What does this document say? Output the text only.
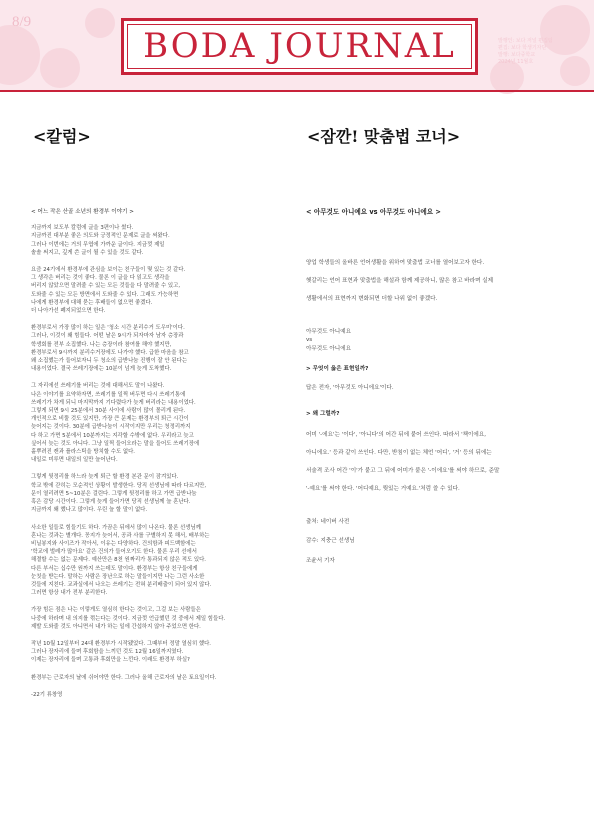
8/9
BODA JOURNAL	발행인: 보다 저널 편집팀
편집: 보다 학생기자단
발행: 보다중학교
2024년 11월호
<칼럼>	<잠깐! 맞춤법 코너>
< 어느 작은 산골 소년의 환경부 이야기 >
지금까지 보도부 칼럼에 글을 3편이나 썼다.
지금까진 대부분 좋은 의도와 긍정적인 문제로 글을 써왔다.
그러나 이번에는 거의 무엽에 가까운 글이다. 지금껏 제일
솔솔 써지고, 깊게 쓴 글이 될 수 있을 것도 같다.
요즘 24기에서 환경부에 관심을 보이는 친구들이 몇 있는 것 같다.
그 생각은 버리는 것이 좋다. 물론 이 글을 다 읽고도 생각을
버리지 않았으면 말려줄 수 있는 모든 것들을 다 말려줄 수 있고,
도와줄 수 있는 모든 방면에서 도와줄 수 있다. 그래도 가능하면
나에게 환경부에 대해 묻는 후배들이 없으면 좋겠다.
더 나아가선 폐지되었으면 한다.
환경부로서 가장 많이 하는 일은 '청소 시간 분리수거 도우미'이다.
그러나, 이것이 왜 힘들다. 어떤 날은 9시가 되자마자 남자 층장과
학생회를 전부 소집했다. 나는 층장이라 참여를 해야 했지만,
환경부로서 9시까지 분리수거장에도 나가야 했다. 급한 마음을 참고
왜 소집했는가 들어보자니 두 청소의 급받나눔 진행이 잘 안 된다는
내용이었다. 결국 쓰레기장에는 10분이 넘게 늦게 도착했다.
그 자리에선 쓰레기를 버리는 것에 대해서도 말이 나왔다.
나은 이야기를 요약하자면, 쓰레기를 일찍 버두면 다시 쓰레기통에
쓰레기가 차게 되니 마지막까지 기다렸다가 늦게 버리라는 내용이었다.
그렇게 되면 9시 25분에서 30분 사이에 사람이 많이 몰리게 된다.
개인적으로 비뚤 것도 있지만, 가장 큰 문제는 환경부의 퇴근 시간이
늦어지는 것이다. 30분에 급받나눔이 시작이지만 우리는 청정리까지
다 하고 가면 5분에서 10분까지는 지각할 수밖에 없다. 우리라고 늦고
싶어서 늦는 것도 아니다. 그냥 일찍 들어오라는 말을 들어도 쓰레기장에
흩뿌려진 캔과 플라스틱을 방치할 수도 없다.
내일로 미루면 내일의 일만 늘어난다.
그렇게 뒷정리를 하느라 늦게 퇴근 할 환경 본관 문이 잠겨있다.
학교 밖에 갇히는 모순적인 상황이 발생한다. 당직 선생님에 따라 다르지만,
문이 열리려면 5~10분은 걸린다. 그렇게 뒷정리를 하고 가면 급받나눔
혹은 감당 시간이다. 그렇게 늦게 들어가면 당직 선생님께 늘 혼난다.
지금까지 왜 했나고 많이다. 우린 늘 할 말이 없다.
사소한 일들로 힘들기도 하다. 가끔은 뒤에서 많이 나온다. 물론 선생님께
혼나는 것과는 별개다. 꽁지가 늦어서, 공과 사를 구별하지 못 해서, 배부하는
비닐봉지와 사이즈가 작아서, 이유는 다양하다. 건의함과 피드백함에는
'학교에 벌레가 많아요' 같은 건의가 들어오기도 한다. 물론 우리 선에서
해결할 수는 없는 문제다. 예산만은 8천 원짜리가 통과되지 않은 적도 있다.
다른 부서는 십수만 원까지 쓰는데도 말이다. 환경부는 항상 친구들에게
눈칫을 받는다. 말하는 사람은 장난으로 하는 말들이지만 나는 그런 사소한
것들에 지친다. 교과실에서 나오는 쓰레기는 전혀 분리배출이 되어 있지 않다.
그러면 항상 내가 전부 분리한다.
가장 힘든 점은 나는 이렇게도 열심히 한다는 것이고, 그걸 보는 사람들은
나중에 하라며 내 의지를 꺾는다는 것이다. 지금껏 언급했던 것 중에서 제일 힘들다.
제발 도와줄 것도 아니면서 내가 하는 일에 간섭하지 않아 주었으면 한다.
작년 10월 12일부터 24대 환경부가 시작됐었다. 그때부터 정말 열심히 했다.
그러나 장자리에 들며 후회함을 느끼던 것도 12월 16일까지였다.
이제는 장자리에 들며 고통과 후회만을 느낀다. 이래도 환경부 하실?
환경부는 근로자의 날에 쉬어야만 한다. 그러나 올해 근로자의 날은 토요일이다.
-22기 류창영
< 아무것도 아니예요 vs 아무것도 아니에요 >
양업 학생들의 올바른 언어생활을 위하여 맞춤법 코너를 열어보고자 한다.
헷갈리는 언어 표현과 맞춤법을 해설과 함께 제공하니, 많은 참고 바라며 실제
생활에서의 표현까지 변화되면 더할 나위 없이 좋겠다.
아무것도 아니예요
vs
아무것도 아니에요
> 무엇이 옳은 표현일까?
답은 전자, '아무것도 아니에요'이다.
> 왜 그럴까?
어미 '-에요'는 '이다', '아니다'의 어간 뒤에 붙어 쓰인다. 따라서 '책이에요,
아니에요.' 등과 같이 쓰인다. 다만, 받침이 없는 체언 '어디', '거' 등의 뒤에는
서술격 조사 어간 '이'가 붙고 그 뒤에 어미가 붙은 '-이에요'를 써야 하므로, 준말
'-예요'를 써야 한다. '어디예요, 뭣있는 거예요.'처럼 쓸 수 있다.
출처: 네이버 사전
감수: 지충근 선생님
조윤서 기자
